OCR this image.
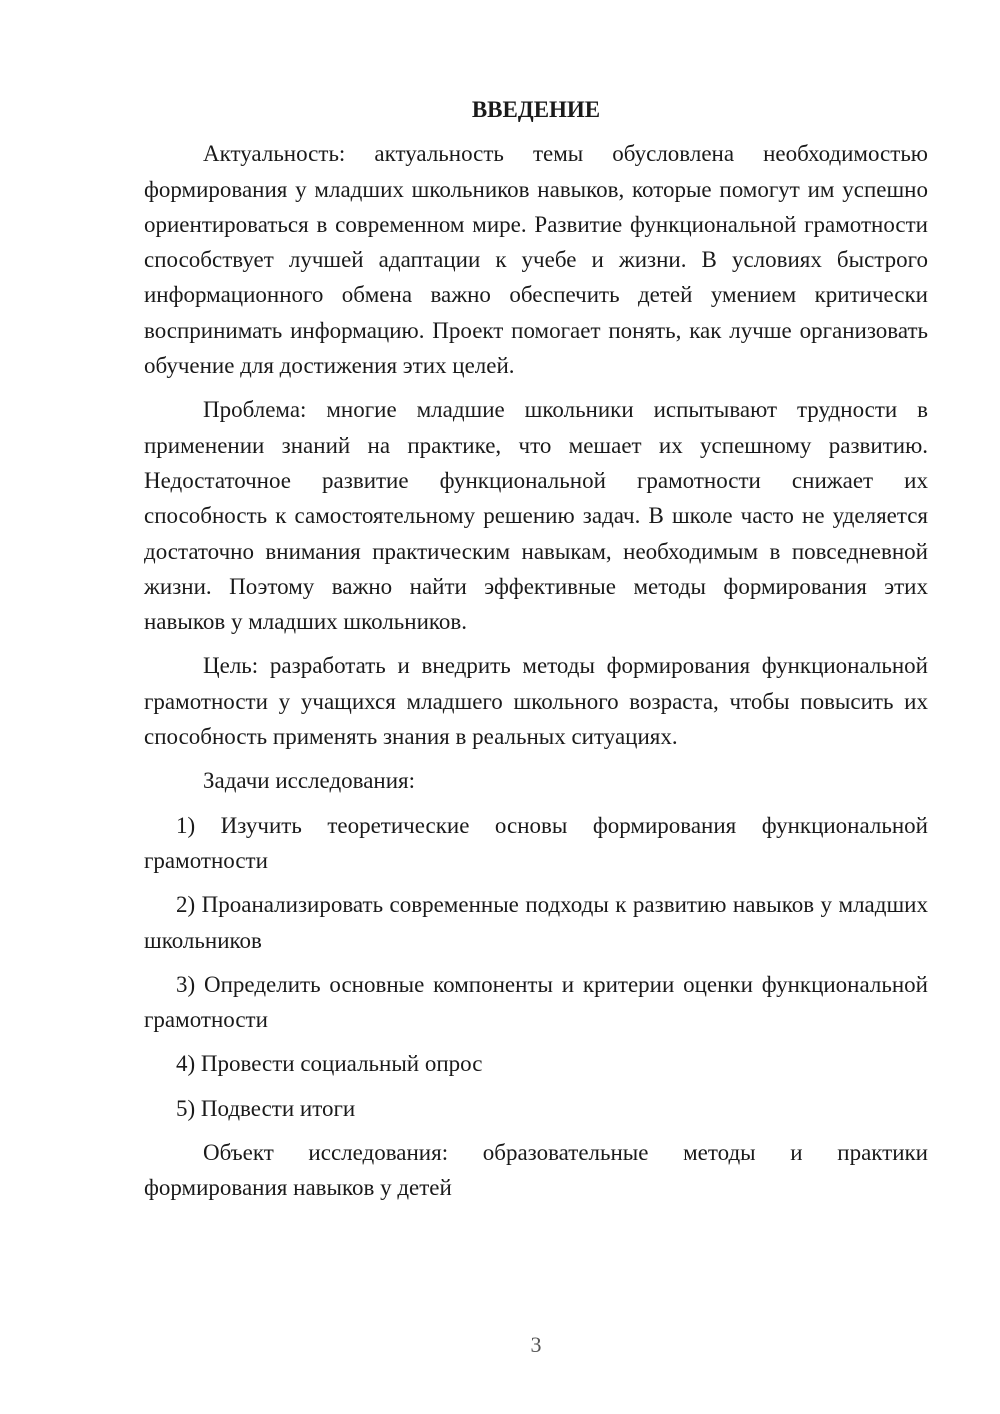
ВВЕДЕНИЕ

Актуальность: актуальность темы обусловлена необходимостью формирования у младших школьников навыков, которые помогут им успешно ориентироваться в современном мире. Развитие функциональной грамотности способствует лучшей адаптации к учебе и жизни. В условиях быстрого информационного обмена важно обеспечить детей умением критически воспринимать информацию. Проект помогает понять, как лучше организовать обучение для достижения этих целей.

Проблема: многие младшие школьники испытывают трудности в применении знаний на практике, что мешает их успешному развитию. Недостаточное развитие функциональной грамотности снижает их способность к самостоятельному решению задач. В школе часто не уделяется достаточно внимания практическим навыкам, необходимым в повседневной жизни. Поэтому важно найти эффективные методы формирования этих навыков у младших школьников.

Цель: разработать и внедрить методы формирования функциональной грамотности у учащихся младшего школьного возраста, чтобы повысить их способность применять знания в реальных ситуациях.

Задачи исследования:

1) Изучить теоретические основы формирования функциональной грамотности

2) Проанализировать современные подходы к развитию навыков у младших школьников

3) Определить основные компоненты и критерии оценки функциональной грамотности

4) Провести социальный опрос

5) Подвести итоги

Объект исследования: образовательные методы и практики формирования навыков у детей

3
